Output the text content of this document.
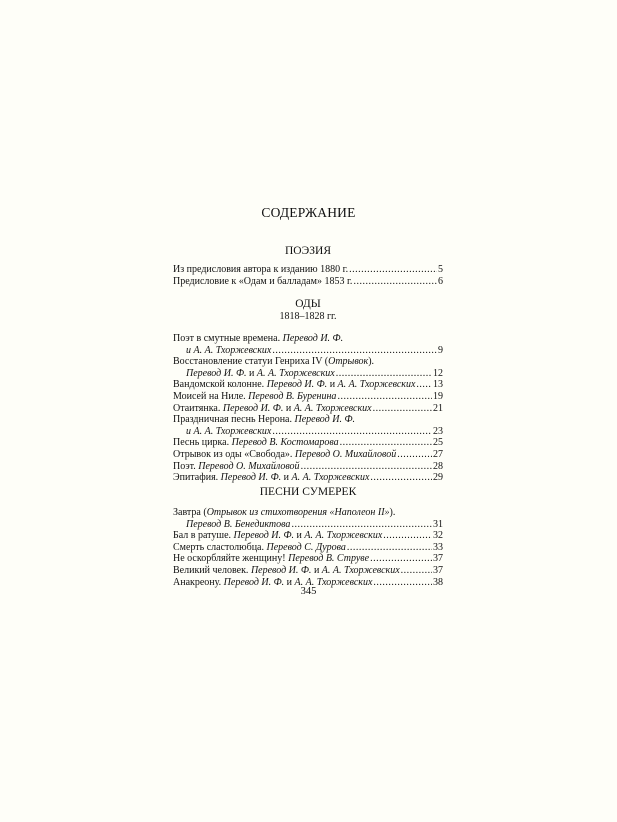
СОДЕРЖАНИЕ
ПОЭЗИЯ
Из предисловия автора к изданию 1880 г. .....	5
Предисловие к «Одам и балладам» 1853 г. .....	6
ОДЫ
1818–1828 гг.
Поэт в смутные времена. Перевод И. Ф.
и А. А. Тхоржевских .....	9
Восстановление статуи Генриха IV (Отрывок).
Перевод И. Ф. и А. А. Тхоржевских .....	12
Вандомской колонне. Перевод И. Ф. и А. А. Тхоржевских ..... 13
Моисей на Ниле. Перевод В. Буренина .....	19
Отаитянка. Перевод И. Ф. и А. А. Тхоржевских .....	21
Праздничная песнь Нерона. Перевод И. Ф.
и А. А. Тхоржевских .....	23
Песнь цирка. Перевод В. Костомарова .....	25
Отрывок из оды «Свобода». Перевод О. Михайловой .....	27
Поэт. Перевод О. Михайловой .....	28
Эпитафия. Перевод И. Ф. и А. А. Тхоржевских .....	29
ПЕСНИ СУМЕРЕК
Завтра (Отрывок из стихотворения «Наполеон II»).
Перевод В. Бенедиктова .....	31
Бал в ратуше. Перевод И. Ф. и А. А. Тхоржевских .....	32
Смерть сластолюбца. Перевод С. Дурова .....	33
Не оскорбляйте женщину! Перевод В. Струве .....	37
Великий человек. Перевод И. Ф. и А. А. Тхоржевских .....	37
Анакреону. Перевод И. Ф. и А. А. Тхоржевских .....	38
345
